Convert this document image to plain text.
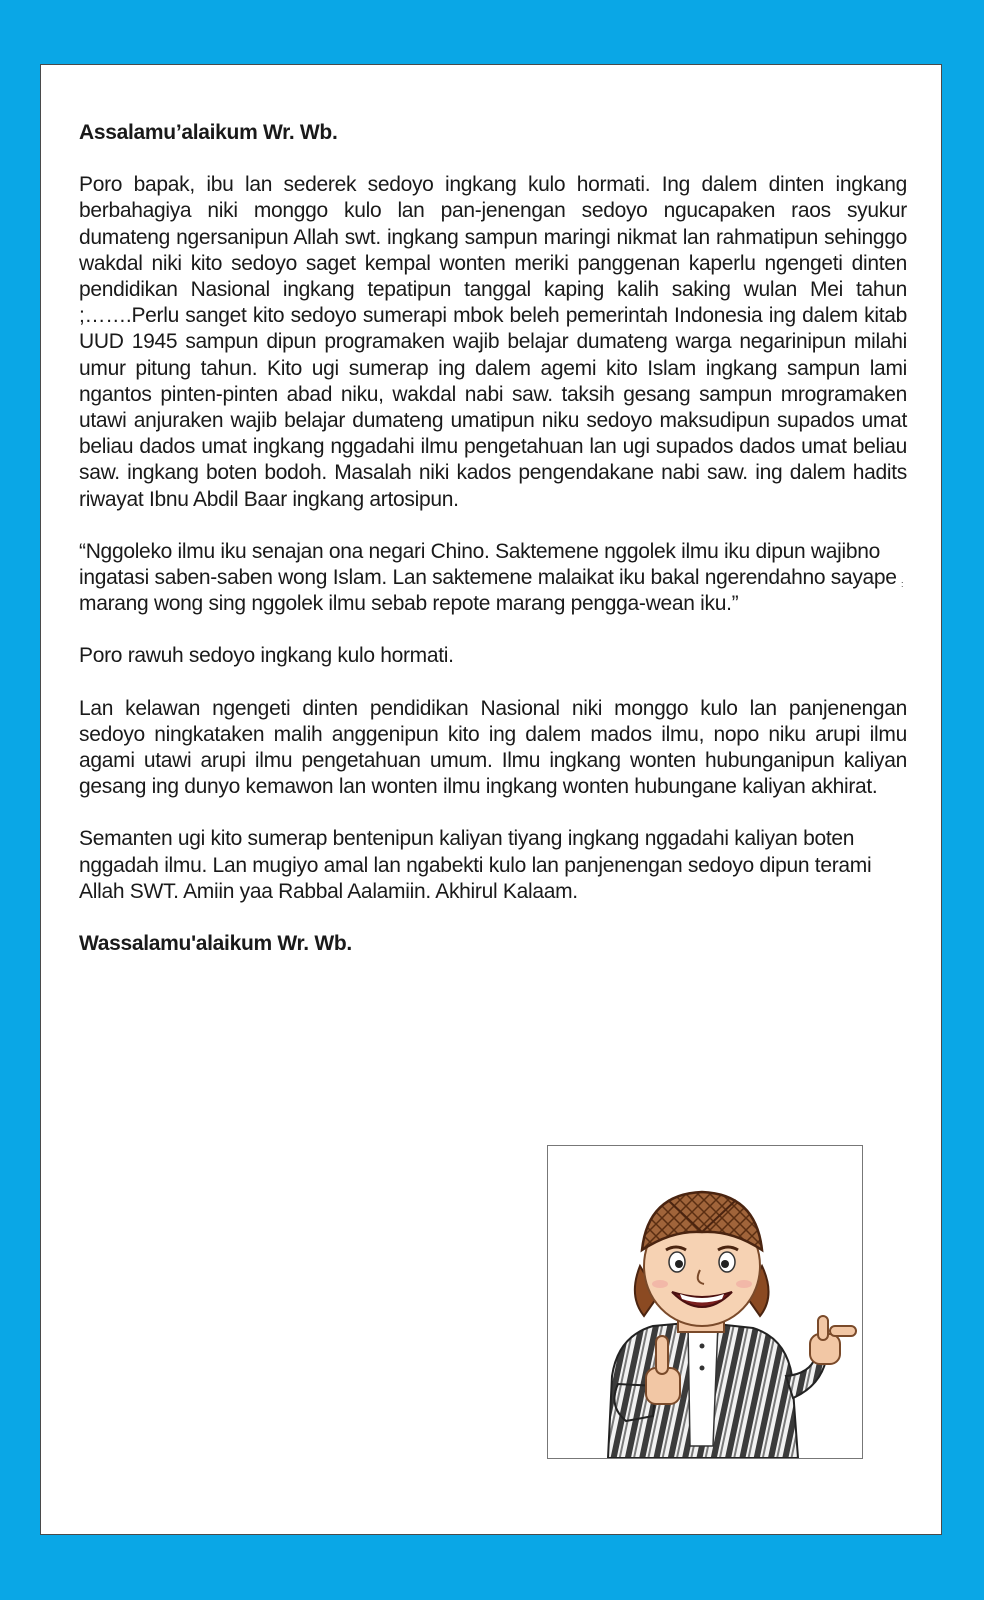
Assalamu’alaikum Wr. Wb.

Poro bapak, ibu lan sederek sedoyo ingkang kulo hormati. Ing dalem dinten ingkang berbahagiya niki monggo kulo lan pan-jenengan sedoyo ngucapaken raos syukur dumateng ngersanipun Allah swt. ingkang sampun maringi nikmat lan rahmatipun sehinggo wakdal niki kito sedoyo saget kempal wonten meriki panggenan kaperlu ngengeti dinten pendidikan Nasional ingkang tepatipun tanggal kaping kalih saking wulan Mei tahun ;…….Perlu sanget kito sedoyo sumerapi mbok beleh pemerintah Indonesia ing dalem kitab UUD 1945 sampun dipun programaken wajib belajar dumateng warga negarinipun milahi umur pitung tahun. Kito ugi sumerap ing dalem agemi kito Islam ingkang sampun lami ngantos pinten-pinten abad niku, wakdal nabi saw. taksih gesang sampun mrogramaken utawi anjuraken wajib belajar dumateng umatipun niku sedoyo maksudipun supados umat beliau dados umat ingkang nggadahi ilmu pengetahuan lan ugi supados dados umat beliau saw. ingkang boten bodoh. Masalah niki kados pengendakane nabi saw. ing dalem hadits riwayat Ibnu Abdil Baar ingkang artosipun.

“Nggoleko ilmu iku senajan ona negari Chino. Saktemene nggolek ilmu iku dipun wajibno ingatasi saben-saben wong Islam. Lan saktemene malaikat iku bakal ngerendahno sayape marang wong sing nggolek ilmu sebab repote marang pengga-wean iku.”

Poro rawuh sedoyo ingkang kulo hormati.

Lan kelawan ngengeti dinten pendidikan Nasional niki monggo kulo lan panjenengan sedoyo ningkataken malih anggenipun kito ing dalem mados ilmu, nopo niku arupi ilmu agami utawi arupi ilmu pengetahuan umum. Ilmu ingkang wonten hubunganipun kaliyan gesang ing dunyo kemawon lan wonten ilmu ingkang wonten hubungane kaliyan akhirat.

Semanten ugi kito sumerap bentenipun kaliyan tiyang ingkang nggadahi kaliyan boten nggadah ilmu. Lan mugiyo amal lan ngabekti kulo lan panjenengan sedoyo dipun terami Allah SWT. Amiin yaa Rabbal Aalamiin. Akhirul Kalaam.

Wassalamu'alaikum Wr. Wb.

:
